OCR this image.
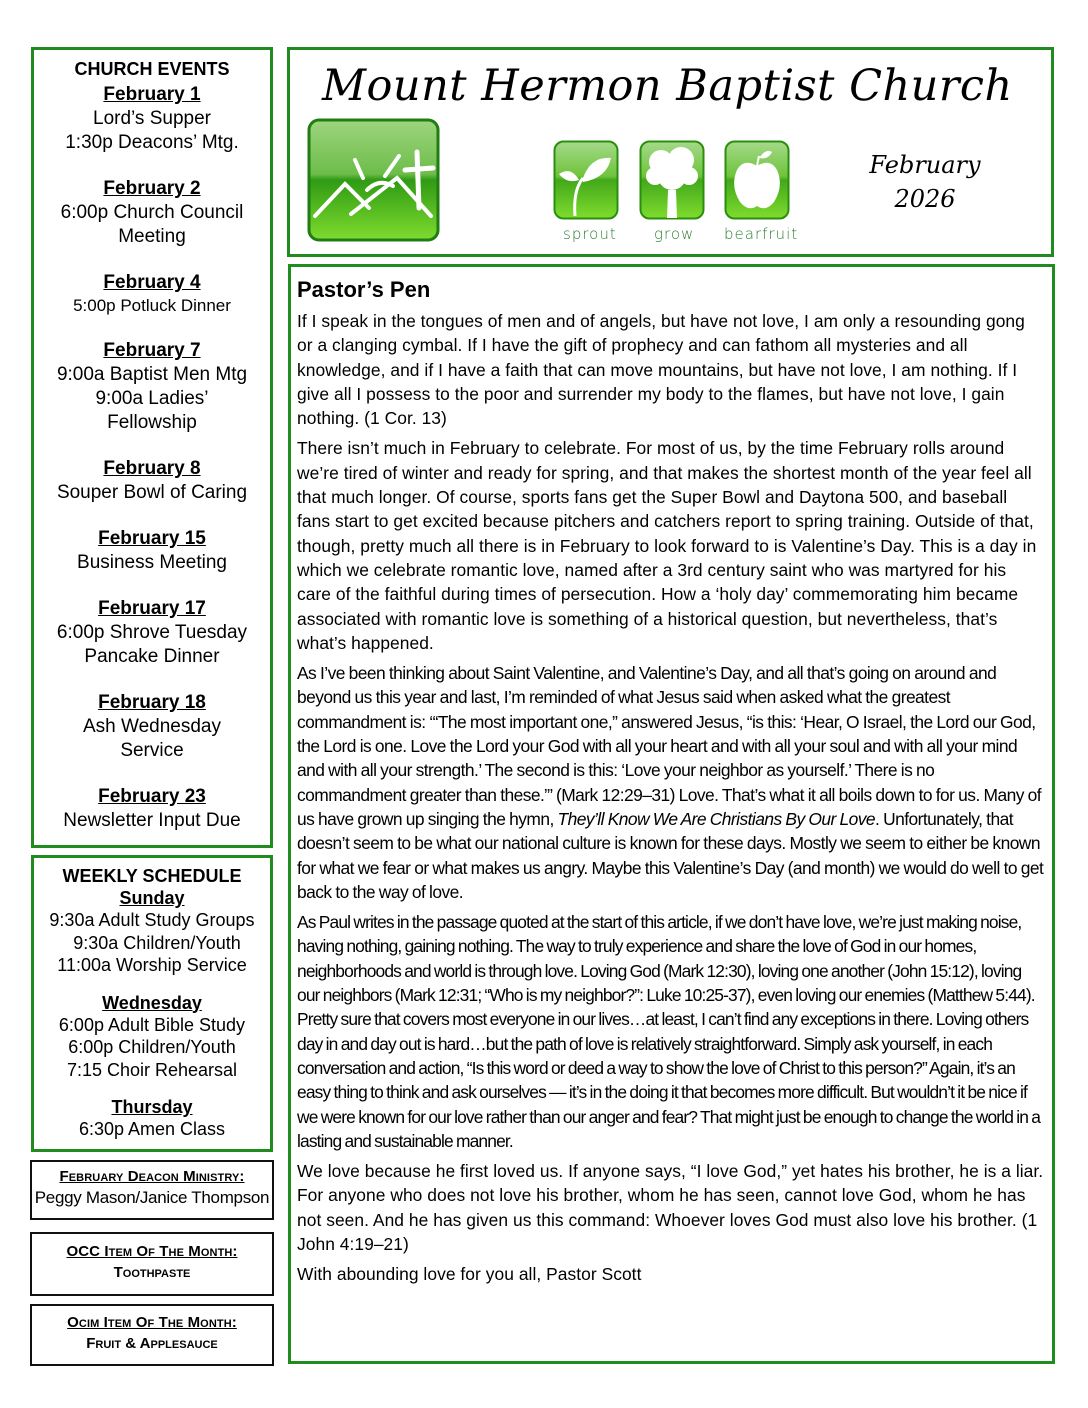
CHURCH EVENTS
February 1
Lord’s Supper
1:30p Deacons’ Mtg.
February 2
6:00p Church Council
Meeting
February 4
5:00p Potluck Dinner
February 7
9:00a Baptist Men Mtg
9:00a Ladies’
Fellowship
February 8
Souper Bowl of Caring
February 15
Business Meeting
February 17
6:00p Shrove Tuesday
Pancake Dinner
February 18
Ash Wednesday
Service
February 23
Newsletter Input Due
WEEKLY SCHEDULE
Sunday
9:30a Adult Study Groups
9:30a Children/Youth
11:00a Worship Service
Wednesday
6:00p Adult Bible Study
6:00p Children/Youth
7:15 Choir Rehearsal
Thursday
6:30p Amen Class
February Deacon Ministry:
Peggy Mason/Janice Thompson
OCC Item Of The Month:
Toothpaste
Ocim Item Of The Month:
Fruit & Applesauce
Mount Hermon Baptist Church
sprout grow bearfruit
February
2026
Pastor’s Pen

If I speak in the tongues of men and of angels, but have not love, I am only a resounding gong or a clanging cymbal. If I have the gift of prophecy and can fathom all mysteries and all knowledge, and if I have a faith that can move mountains, but have not love, I am nothing. If I give all I possess to the poor and surrender my body to the flames, but have not love, I gain nothing. (1 Cor. 13)

There isn’t much in February to celebrate. For most of us, by the time February rolls around we’re tired of winter and ready for spring, and that makes the shortest month of the year feel all that much longer. Of course, sports fans get the Super Bowl and Daytona 500, and baseball fans start to get excited because pitchers and catchers report to spring training. Outside of that, though, pretty much all there is in February to look forward to is Valentine’s Day. This is a day in which we celebrate romantic love, named after a 3rd century saint who was martyred for his care of the faithful during times of persecution. How a ‘holy day’ commemorating him became associated with romantic love is something of a historical question, but nevertheless, that’s what’s happened.

As I’ve been thinking about Saint Valentine, and Valentine’s Day, and all that’s going on around and beyond us this year and last, I’m reminded of what Jesus said when asked what the greatest commandment is: ‘“The most important one,” answered Jesus, “is this: ‘Hear, O Israel, the Lord our God, the Lord is one. Love the Lord your God with all your heart and with all your soul and with all your mind and with all your strength.’ The second is this: ‘Love your neighbor as yourself.’ There is no commandment greater than these.”’ (Mark 12:29–31) Love. That’s what it all boils down to for us. Many of us have grown up singing the hymn, They’ll Know We Are Christians By Our Love. Unfortunately, that doesn’t seem to be what our national culture is known for these days. Mostly we seem to either be known for what we fear or what makes us angry. Maybe this Valentine’s Day (and month) we would do well to get back to the way of love.

As Paul writes in the passage quoted at the start of this article, if we don’t have love, we’re just making noise, having nothing, gaining nothing. The way to truly experience and share the love of God in our homes, neighborhoods and world is through love. Loving God (Mark 12:30), loving one another (John 15:12), loving our neighbors (Mark 12:31; “Who is my neighbor?”: Luke 10:25-37), even loving our enemies (Matthew 5:44). Pretty sure that covers most everyone in our lives…at least, I can’t find any exceptions in there. Loving others day in and day out is hard…but the path of love is relatively straightforward. Simply ask yourself, in each conversation and action, “Is this word or deed a way to show the love of Christ to this person?” Again, it’s an easy thing to think and ask ourselves — it’s in the doing it that becomes more difficult. But wouldn’t it be nice if we were known for our love rather than our anger and fear? That might just be enough to change the world in a lasting and sustainable manner.

We love because he first loved us. If anyone says, “I love God,” yet hates his brother, he is a liar. For anyone who does not love his brother, whom he has seen, cannot love God, whom he has not seen. And he has given us this command: Whoever loves God must also love his brother. (1 John 4:19–21)

With abounding love for you all, Pastor Scott
